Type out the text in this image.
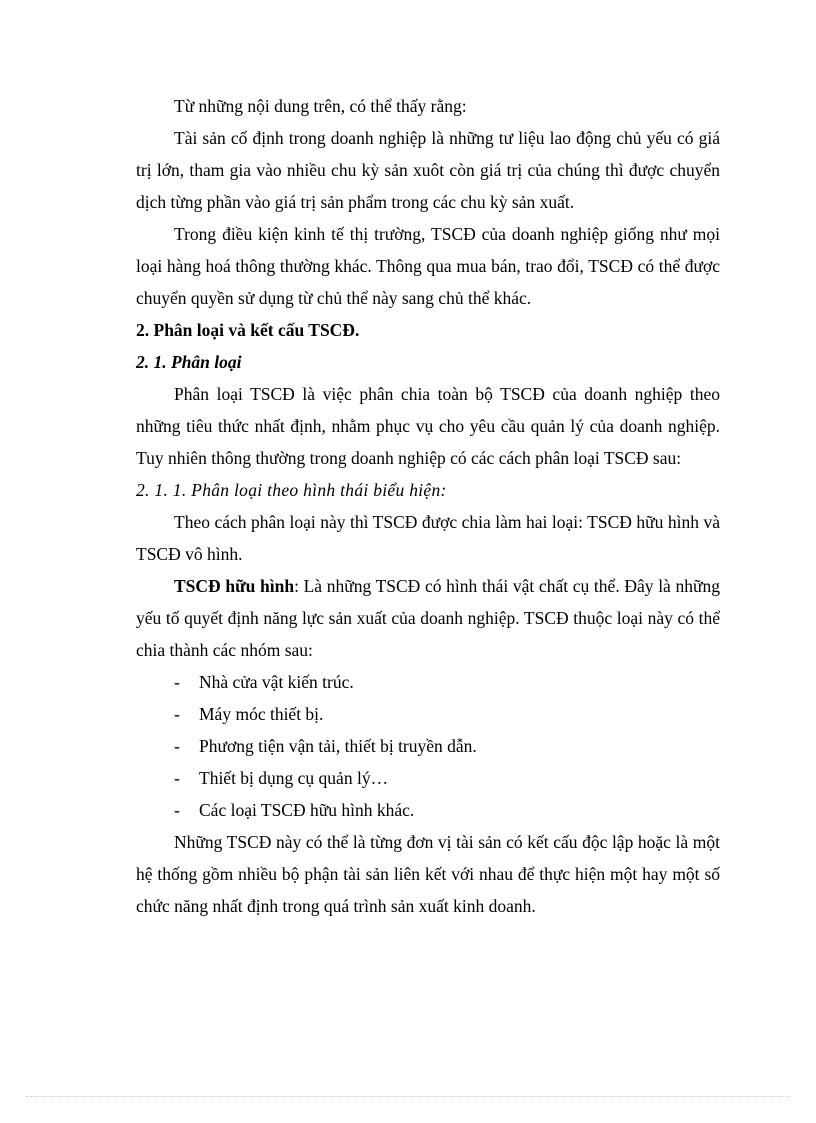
Từ những nội dung trên, có thể thấy rằng:

Tài sản cố định trong doanh nghiệp là những tư liệu lao động chủ yếu có giá trị lớn, tham gia vào nhiều chu kỳ sản xuôt còn giá trị của chúng thì được chuyển dịch từng phần vào giá trị sản phẩm trong các chu kỳ sản xuất.

Trong điều kiện kinh tế thị trường, TSCĐ của doanh nghiệp giống như mọi loại hàng hoá thông thường khác. Thông qua mua bán, trao đổi, TSCĐ có thể được chuyển quyền sử dụng từ chủ thể này sang chủ thể khác.

2. Phân loại và kết cấu TSCĐ.

2. 1. Phân loại

Phân loại TSCĐ là việc phân chia toàn bộ TSCĐ của doanh nghiệp theo những tiêu thức nhất định, nhằm phục vụ cho yêu cầu quản lý của doanh nghiệp. Tuy nhiên thông thường trong doanh nghiệp có các cách phân loại TSCĐ sau:

2. 1. 1. Phân loại theo hình thái biểu hiện:

Theo cách phân loại này thì TSCĐ được chia làm hai loại: TSCĐ hữu hình và TSCĐ vô hình.

TSCĐ hữu hình: Là những TSCĐ có hình thái vật chất cụ thể. Đây là những yếu tố quyết định năng lực sản xuất của doanh nghiệp. TSCĐ thuộc loại này có thể chia thành các nhóm sau:

- Nhà cửa vật kiến trúc.
- Máy móc thiết bị.
- Phương tiện vận tải, thiết bị truyền dẫn.
- Thiết bị dụng cụ quản lý…
- Các loại TSCĐ hữu hình khác.

Những TSCĐ này có thể là từng đơn vị tài sản có kết cấu độc lập hoặc là một hệ thống gồm nhiều bộ phận tài sản liên kết với nhau để thực hiện một hay một số chức năng nhất định trong quá trình sản xuất kinh doanh.
